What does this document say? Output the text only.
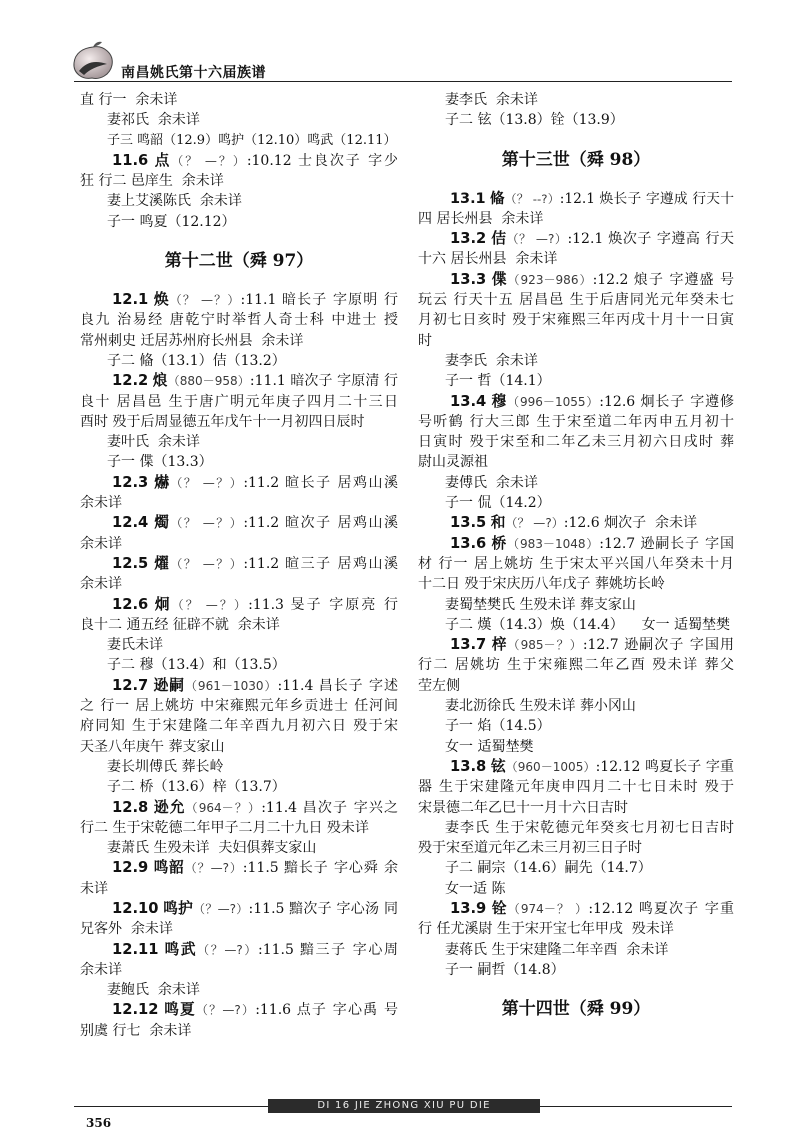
南昌姚氏第十六届族谱
直 行一  余未详
妻祁氏  余未详
子三 鸣韶（12.9）鸣护（12.10）鸣武（12.11）
11.6 点（？ —？）:10.12 士良次子 字少
狂 行二 邑庠生  余未详
妻上艾溪陈氏  余未详
子一 鸣夏（12.12）
第十二世（舜 97）
12.1 焕（？ —？）:11.1 暗长子 字原明 行
良九 治易经 唐乾宁时举哲人奇士科 中进士 授
常州刺史 迁居苏州府长州县  余未详
子二 偹（13.1）佶（13.2）
12.2 烺（880－958）:11.1 暗次子 字原清 行
良十 居昌邑 生于唐广明元年庚子四月二十三日
酉时 殁于后周显德五年戊午十一月初四日辰时
妻叶氏  余未详
子一 偞（13.3）
12.3 爀（？ —？）:11.2 暄长子 居鸡山溪
余未详
12.4 燭（？ —？）:11.2 暄次子 居鸡山溪
余未详
12.5 燿（？ —？）:11.2 暄三子 居鸡山溪
余未详
12.6 炯（？ —？）:11.3 旻子 字原亮 行
良十二 通五经 征辟不就  余未详
妻氏未详
子二 穆（13.4）和（13.5）
12.7 逊嗣（961－1030）:11.4 昌长子 字述
之 行一 居上姚坊 中宋雍熙元年乡贡进士 任河间
府同知 生于宋建隆二年辛酉九月初六日 殁于宋
天圣八年庚午 葬支家山
妻长圳傅氏 葬长岭
子二 桥（13.6）梓（13.7）
12.8 逊允（964－？）:11.4 昌次子 字兴之
行二 生于宋乾德二年甲子二月二十九日 殁未详
妻萧氏 生殁未详  夫妇俱葬支家山
12.9 鸣韶（？—?）:11.5 黯长子 字心舜 余
未详
12.10 鸣护（？—?）:11.5 黯次子 字心汤 同
兄客外  余未详
12.11 鸣武（？—?）:11.5 黯三子 字心周
余未详
妻鲍氏  余未详
12.12 鸣夏（？—?）:11.6 点子 字心禹 号
别虞 行七  余未详
妻李氏  余未详
子二 铉（13.8）铨（13.9）
第十三世（舜 98）
13.1 偹（？ --?）:12.1 焕长子 字遵成 行天十
四 居长州县  余未详
13.2 佶（？ —?）:12.1 焕次子 字遵高 行天
十六 居长州县  余未详
13.3 偞（923－986）:12.2 烺子 字遵盛 号
玩云 行天十五 居昌邑 生于后唐同光元年癸未七
月初七日亥时 殁于宋雍熙三年丙戌十月十一日寅
时
妻李氏  余未详
子一 哲（14.1）
13.4 穆（996－1055）:12.6 炯长子 字遵修
号听鹤 行大三郎 生于宋至道二年丙申五月初十
日寅时 殁于宋至和二年乙未三月初六日戌时 葬
尉山灵源祖
妻傅氏  余未详
子一 侃（14.2）
13.5 和（？ —?）:12.6 炯次子  余未详
13.6 桥（983－1048）:12.7 逊嗣长子 字国
材 行一 居上姚坊 生于宋太平兴国八年癸未十月
十二日 殁于宋庆历八年戊子 葬姚坊长岭
妻蜀埜樊氏 生殁未详 葬支家山
子二 熯（14.3）焕（14.4）    女一 适蜀埜樊
13.7 梓（985－？）:12.7 逊嗣次子 字国用
行二 居姚坊 生于宋雍熙二年乙酉 殁未详 葬父
茔左侧
妻北沥徐氏 生殁未详 葬小冈山
子一 焰（14.5）
女一 适蜀埜樊
13.8 铉（960－1005）:12.12 鸣夏长子 字重
器 生于宋建隆元年庚申四月二十七日未时 殁于
宋景德二年乙巳十一月十六日吉时
妻李氏 生于宋乾德元年癸亥七月初七日吉时
殁于宋至道元年乙未三月初三日子时
子二 嗣宗（14.6）嗣先（14.7）
女一适 陈
13.9 铨（974－？ ）:12.12 鸣夏次子 字重
行 任尤溪尉 生于宋开宝七年甲戌  殁未详
妻蒋氏 生于宋建隆二年辛酉  余未详
子一 嗣哲（14.8）
第十四世（舜 99）
DI 16 JIE ZHONG XIU PU DIE
356
